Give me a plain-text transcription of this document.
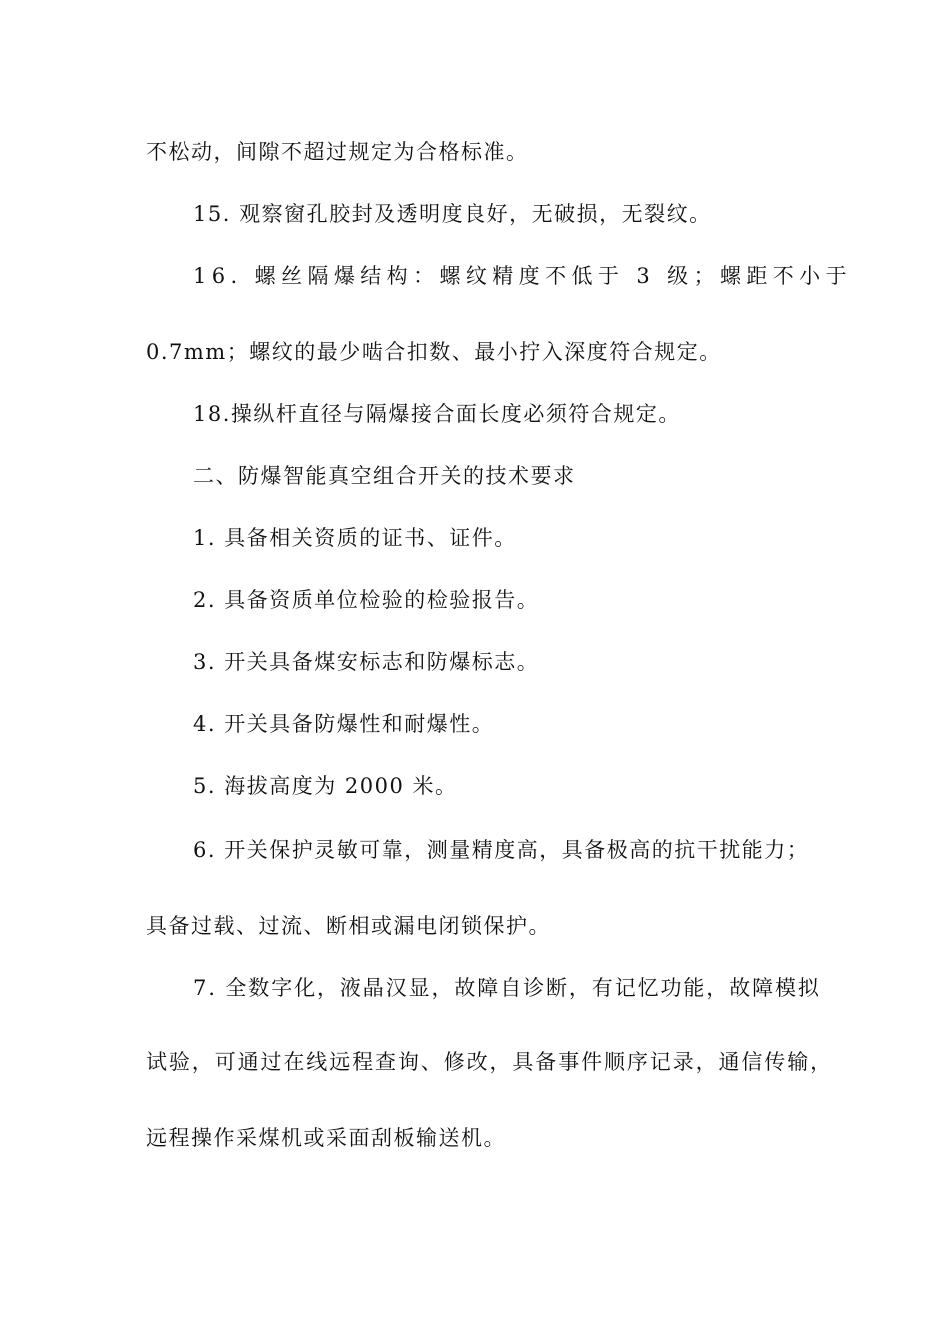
不松动，间隙不超过规定为合格标准。
15. 观察窗孔胶封及透明度良好，无破损，无裂纹。
16. 螺丝隔爆结构：螺纹精度不低于 3 级；螺距不小于
0.7mm；螺纹的最少啮合扣数、最小拧入深度符合规定。
18.操纵杆直径与隔爆接合面长度必须符合规定。
二、防爆智能真空组合开关的技术要求
1. 具备相关资质的证书、证件。
2. 具备资质单位检验的检验报告。
3. 开关具备煤安标志和防爆标志。
4. 开关具备防爆性和耐爆性。
5. 海拔高度为 2000 米。
6. 开关保护灵敏可靠，测量精度高，具备极高的抗干扰能力；
具备过载、过流、断相或漏电闭锁保护。
7. 全数字化，液晶汉显，故障自诊断，有记忆功能，故障模拟
试验，可通过在线远程查询、修改，具备事件顺序记录，通信传输，
远程操作采煤机或采面刮板输送机。
